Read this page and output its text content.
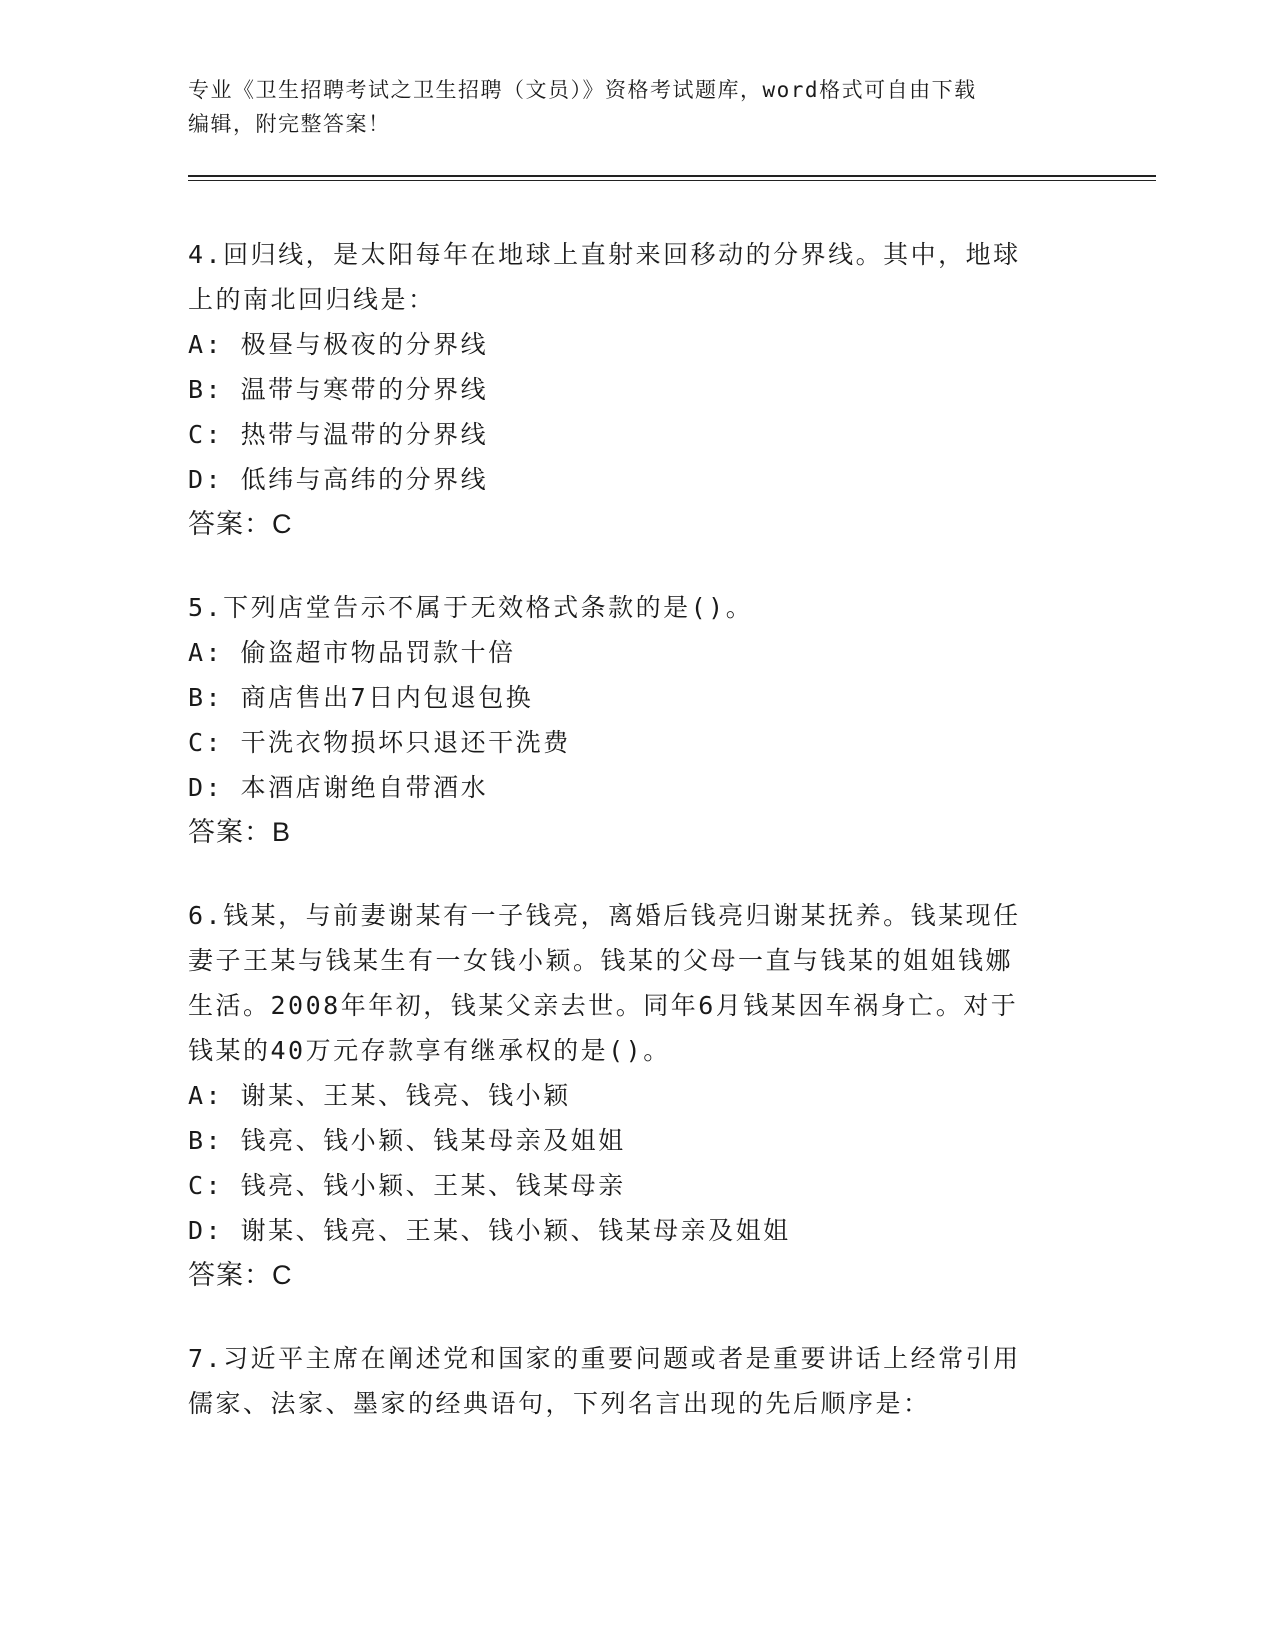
专业《卫生招聘考试之卫生招聘（文员）》资格考试题库，word格式可自由下载
编辑，附完整答案！
4.回归线，是太阳每年在地球上直射来回移动的分界线。其中，地球
上的南北回归线是：
A: 极昼与极夜的分界线
B: 温带与寒带的分界线
C: 热带与温带的分界线
D: 低纬与高纬的分界线
答案：C
5.下列店堂告示不属于无效格式条款的是()。
A: 偷盗超市物品罚款十倍
B: 商店售出7日内包退包换
C: 干洗衣物损坏只退还干洗费
D: 本酒店谢绝自带酒水
答案：B
6.钱某，与前妻谢某有一子钱亮，离婚后钱亮归谢某抚养。钱某现任
妻子王某与钱某生有一女钱小颖。钱某的父母一直与钱某的姐姐钱娜
生活。2008年年初，钱某父亲去世。同年6月钱某因车祸身亡。对于
钱某的40万元存款享有继承权的是()。
A: 谢某、王某、钱亮、钱小颖
B: 钱亮、钱小颖、钱某母亲及姐姐
C: 钱亮、钱小颖、王某、钱某母亲
D: 谢某、钱亮、王某、钱小颖、钱某母亲及姐姐
答案：C
7.习近平主席在阐述党和国家的重要问题或者是重要讲话上经常引用
儒家、法家、墨家的经典语句，下列名言出现的先后顺序是：
